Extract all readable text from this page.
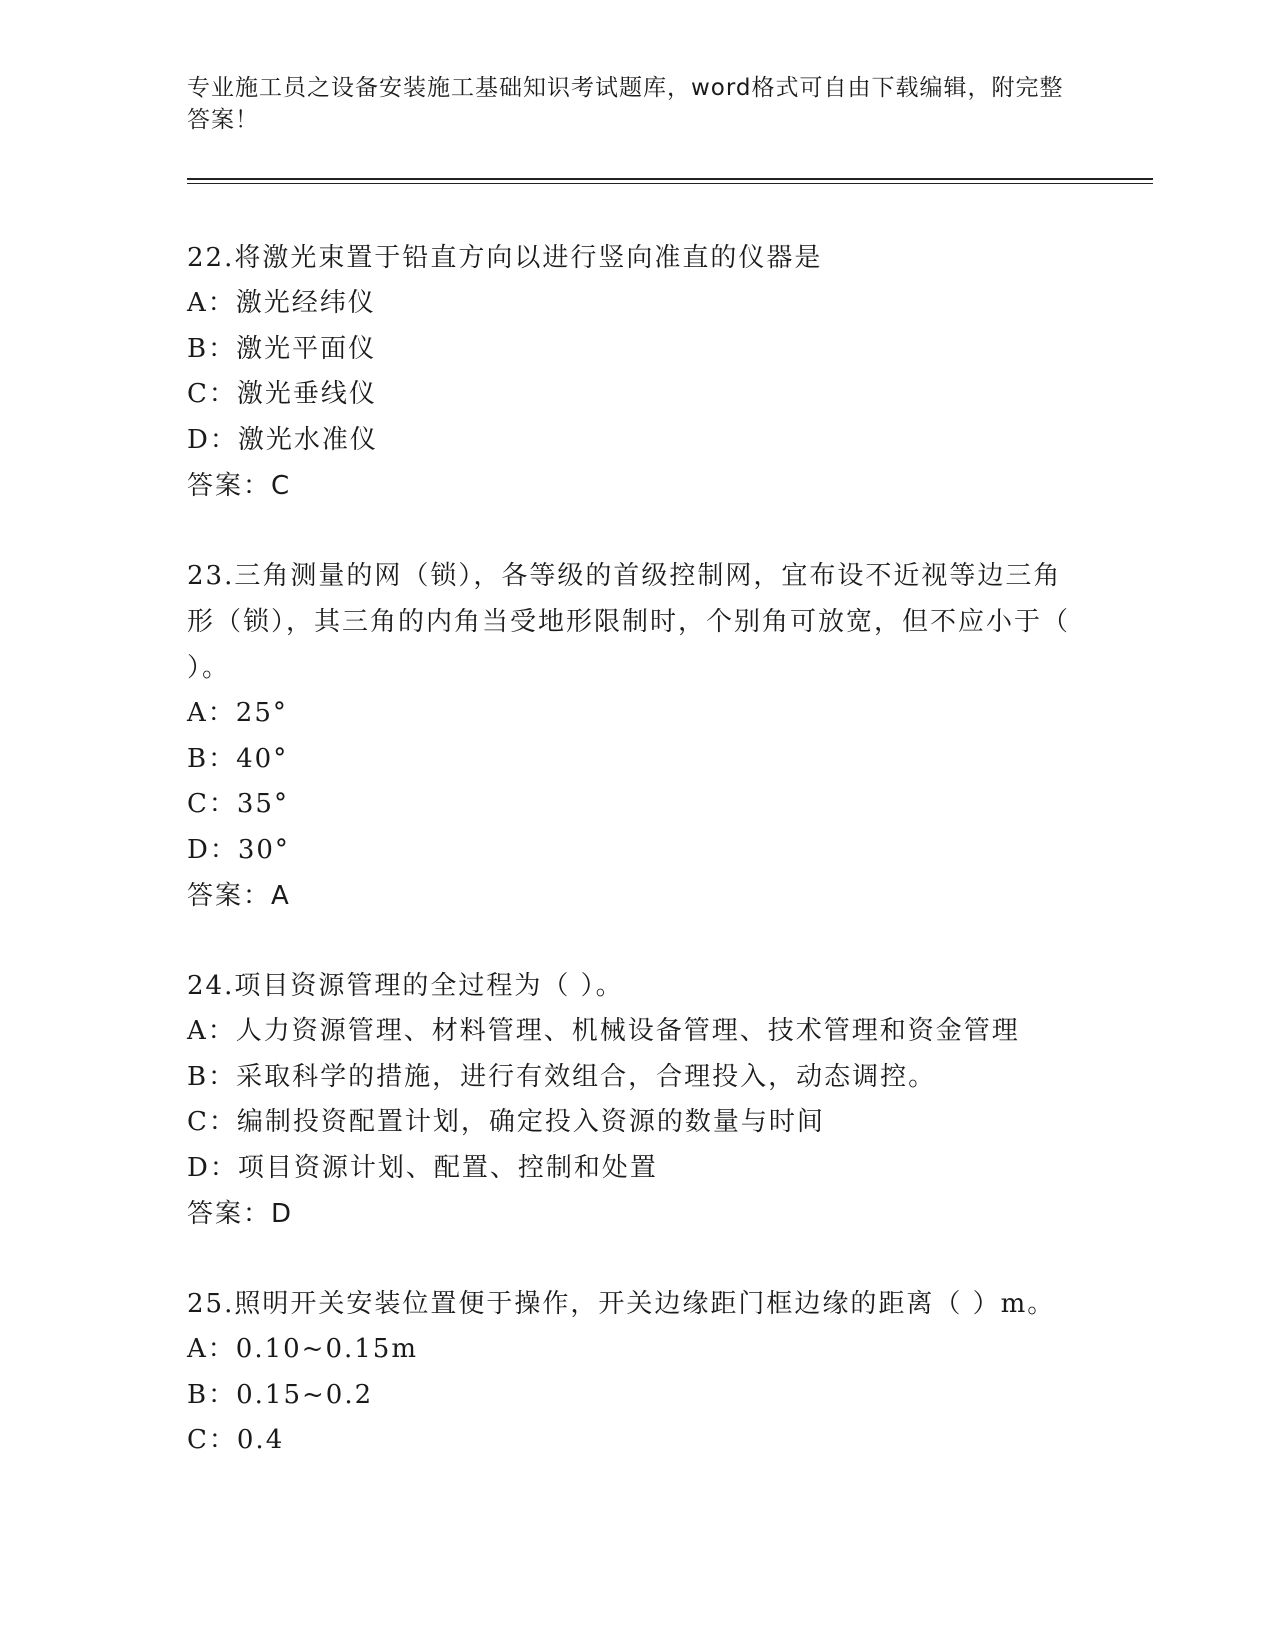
专业施工员之设备安装施工基础知识考试题库，word格式可自由下载编辑，附完整答案！
22.将激光束置于铅直方向以进行竖向准直的仪器是
A：激光经纬仪
B：激光平面仪
C：激光垂线仪
D：激光水准仪
答案：C
23.三角测量的网（锁），各等级的首级控制网，宜布设不近视等边三角形（锁），其三角的内角当受地形限制时，个别角可放宽，但不应小于（ ）。
A：25°
B：40°
C：35°
D：30°
答案：A
24.项目资源管理的全过程为（ ）。
A：人力资源管理、材料管理、机械设备管理、技术管理和资金管理
B：采取科学的措施，进行有效组合，合理投入，动态调控。
C：编制投资配置计划，确定投入资源的数量与时间
D：项目资源计划、配置、控制和处置
答案：D
25.照明开关安装位置便于操作，开关边缘距门框边缘的距离（ ）m。
A：0.10~0.15m
B：0.15~0.2
C：0.4
